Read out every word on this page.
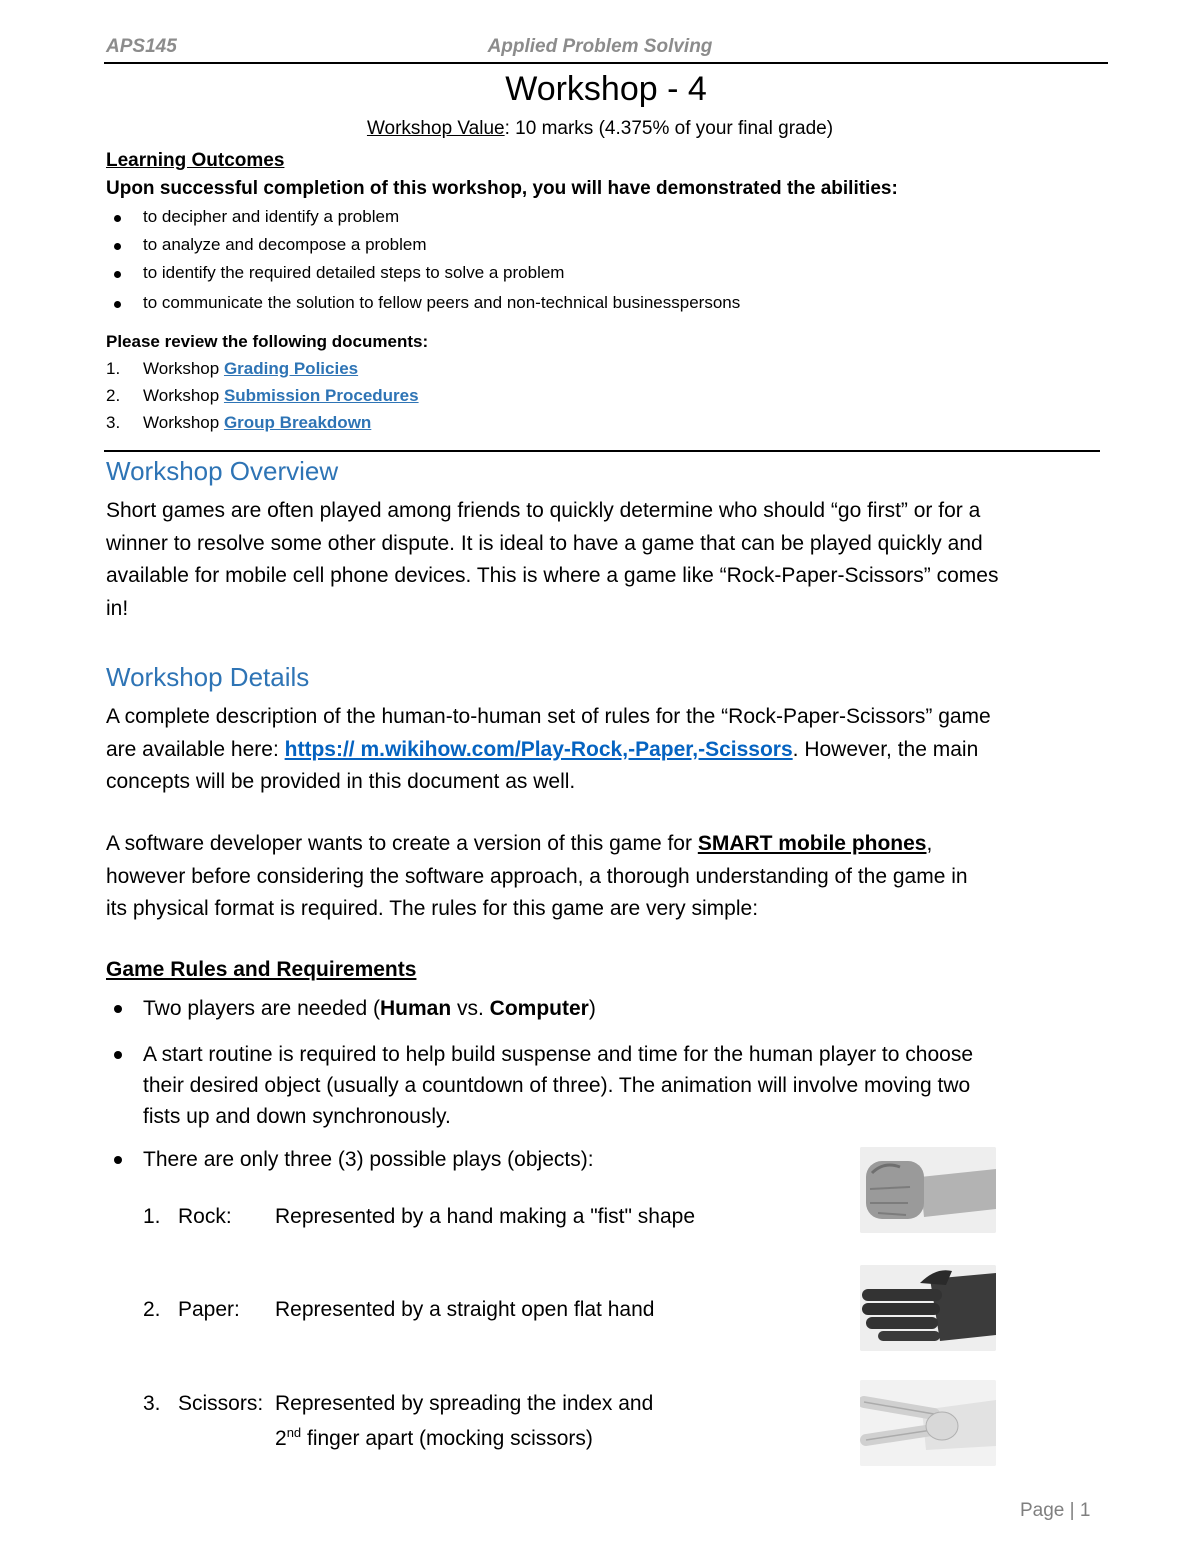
APS145	Applied Problem Solving
Workshop - 4
Workshop Value: 10 marks (4.375% of your final grade)
Learning Outcomes
Upon successful completion of this workshop, you will have demonstrated the abilities:
to decipher and identify a problem
to analyze and decompose a problem
to identify the required detailed steps to solve a problem
to communicate the solution to fellow peers and non-technical businesspersons
Please review the following documents:
1. Workshop Grading Policies
2. Workshop Submission Procedures
3. Workshop Group Breakdown
Workshop Overview
Short games are often played among friends to quickly determine who should “go first” or for a
winner to resolve some other dispute. It is ideal to have a game that can be played quickly and
available for mobile cell phone devices. This is where a game like “Rock-Paper-Scissors” comes
in!
Workshop Details
A complete description of the human-to-human set of rules for the “Rock-Paper-Scissors” game
are available here: https:// m.wikihow.com/Play-Rock,-Paper,-Scissors. However, the main
concepts will be provided in this document as well.
A software developer wants to create a version of this game for SMART mobile phones,
however before considering the software approach, a thorough understanding of the game in
its physical format is required. The rules for this game are very simple:
Game Rules and Requirements
Two players are needed (Human vs. Computer)
A start routine is required to help build suspense and time for the human player to choose
their desired object (usually a countdown of three). The animation will involve moving two
fists up and down synchronously.
There are only three (3) possible plays (objects):
1. Rock: Represented by a hand making a "fist" shape
2. Paper: Represented by a straight open flat hand
3. Scissors: Represented by spreading the index and
2nd finger apart (mocking scissors)
Page | 1
